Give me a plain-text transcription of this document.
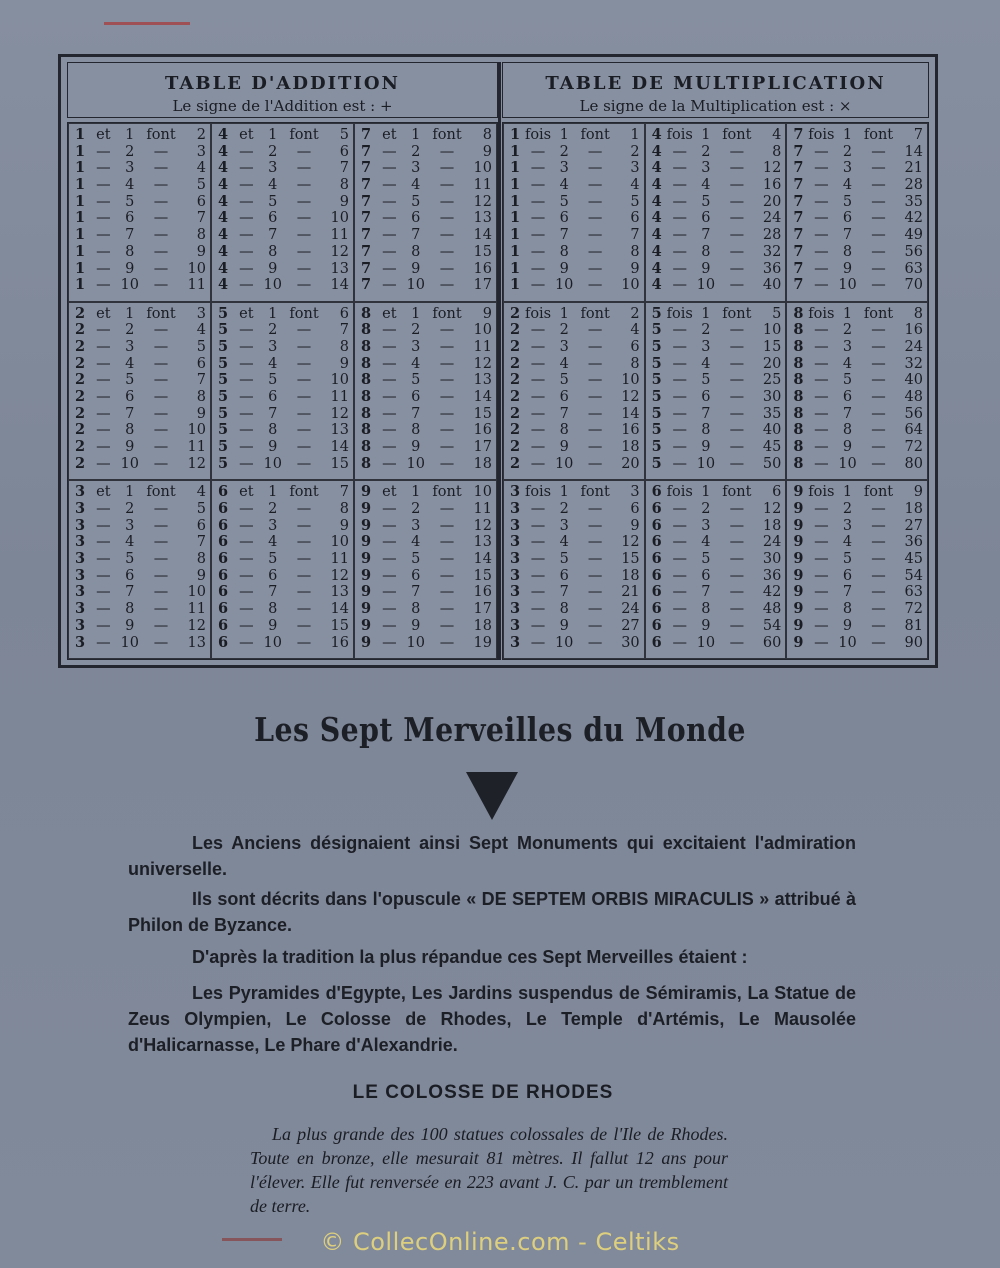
TABLE D'ADDITION
Le signe de l'Addition est : +
1 et	1 font	2
1 —	2	—	3
1 —	3	—	4
1 —	4	—	5
1 —	5	—	6
1 —	6	—	7
1 —	7	—	8
1 —	8	—	9
1 —	9	—	10
1 — 10	—	11
4 et	1 font	5
4 —	2	—	6
4 —	3	—	7
4 —	4	—	8
4 —	5	—	9
4 —	6	—	10
4 —	7	—	11
4 —	8	—	12
4 —	9	—	13
4 — 10	—	14
7 et	1 font	8
7 —	2	—	9
7 —	3	—	10
7 —	4	—	11
7 —	5	—	12
7 —	6	—	13
7 —	7	—	14
7 —	8	—	15
7 —	9	—	16
7 — 10	—	17
2 et	1 font	3
2 —	2	—	4
2 —	3	—	5
2 —	4	—	6
2 —	5	—	7
2 —	6	—	8
2 —	7	—	9
2 —	8	—	10
2 —	9	—	11
2 — 10	—	12
5 et	1 font	6
5 —	2	—	7
5 —	3	—	8
5 —	4	—	9
5 —	5	—	10
5 —	6	—	11
5 —	7	—	12
5 —	8	—	13
5 —	9	—	14
5 — 10	—	15
8 et	1 font	9
8 —	2	—	10
8 —	3	—	11
8 —	4	—	12
8 —	5	—	13
8 —	6	—	14
8 —	7	—	15
8 —	8	—	16
8 —	9	—	17
8 — 10	—	18
3 et	1 font	4
3 —	2	—	5
3 —	3	—	6
3 —	4	—	7
3 —	5	—	8
3 —	6	—	9
3 —	7	—	10
3 —	8	—	11
3 —	9	—	12
3 — 10	—	13
6 et	1 font	7
6 —	2	—	8
6 —	3	—	9
6 —	4	—	10
6 —	5	—	11
6 —	6	—	12
6 —	7	—	13
6 —	8	—	14
6 —	9	—	15
6 — 10	—	16
9 et	1 font 10
9 —	2	—	11
9 —	3	—	12
9 —	4	—	13
9 —	5	—	14
9 —	6	—	15
9 —	7	—	16
9 —	8	—	17
9 —	9	—	18
9 — 10	—	19
TABLE DE MULTIPLICATION
Le signe de la Multiplication est : ×
1 fois 1 font	1
1 — 2	—	2
1 — 3	—	3
1 — 4	—	4
1 — 5	—	5
1 — 6	—	6
1 — 7	—	7
1 — 8	—	8
1 — 9	—	9
1 — 10 —	10
4 fois 1 font	4
4 — 2	—	8
4 — 3	—	12
4 — 4	—	16
4 — 5	—	20
4 — 6	—	24
4 — 7	—	28
4 — 8	—	32
4 — 9	—	36
4 — 10 —	40
7 fois 1 font	7
7 — 2	—	14
7 — 3	—	21
7 — 4	—	28
7 — 5	—	35
7 — 6	—	42
7 — 7	—	49
7 — 8	—	56
7 — 9	—	63
7 — 10 —	70
2 fois 1 font	2
2 — 2	—	4
2 — 3	—	6
2 — 4	—	8
2 — 5	—	10
2 — 6	—	12
2 — 7	—	14
2 — 8	—	16
2 — 9	—	18
2 — 10 —	20
5 fois 1 font	5
5 — 2	—	10
5 — 3	—	15
5 — 4	—	20
5 — 5	—	25
5 — 6	—	30
5 — 7	—	35
5 — 8	—	40
5 — 9	—	45
5 — 10 —	50
8 fois 1 font	8
8 — 2	—	16
8 — 3	—	24
8 — 4	—	32
8 — 5	—	40
8 — 6	—	48
8 — 7	—	56
8 — 8	—	64
8 — 9	—	72
8 — 10 —	80
3 fois 1 font	3
3 — 2	—	6
3 — 3	—	9
3 — 4	—	12
3 — 5	—	15
3 — 6	—	18
3 — 7	—	21
3 — 8	—	24
3 — 9	—	27
3 — 10 —	30
6 fois 1 font	6
6 — 2	—	12
6 — 3	—	18
6 — 4	—	24
6 — 5	—	30
6 — 6	—	36
6 — 7	—	42
6 — 8	—	48
6 — 9	—	54
6 — 10 —	60
9 fois 1 font	9
9 — 2	—	18
9 — 3	—	27
9 — 4	—	36
9 — 5	—	45
9 — 6	—	54
9 — 7	—	63
9 — 8	—	72
9 — 9	—	81
9 — 10 —	90
Les Sept Merveilles du Monde

Les Anciens désignaient ainsi Sept Monuments qui excitaient l'admiration universelle.

Ils sont décrits dans l'opuscule « DE SEPTEM ORBIS MIRACULIS » attribué à Philon de Byzance.

D'après la tradition la plus répandue ces Sept Merveilles étaient :

Les Pyramides d'Egypte, Les Jardins suspendus de Sémiramis, La Statue de Zeus Olympien, Le Colosse de Rhodes, Le Temple d'Artémis, Le Mausolée d'Halicarnasse, Le Phare d'Alexandrie.

LE COLOSSE DE RHODES

La plus grande des 100 statues colossales de l'Ile de Rhodes. Toute en bronze, elle mesurait 81 mètres. Il fallut 12 ans pour l'élever. Elle fut renversée en 223 avant J. C. par un tremblement de terre.

© CollecOnline.com - Celtiks
